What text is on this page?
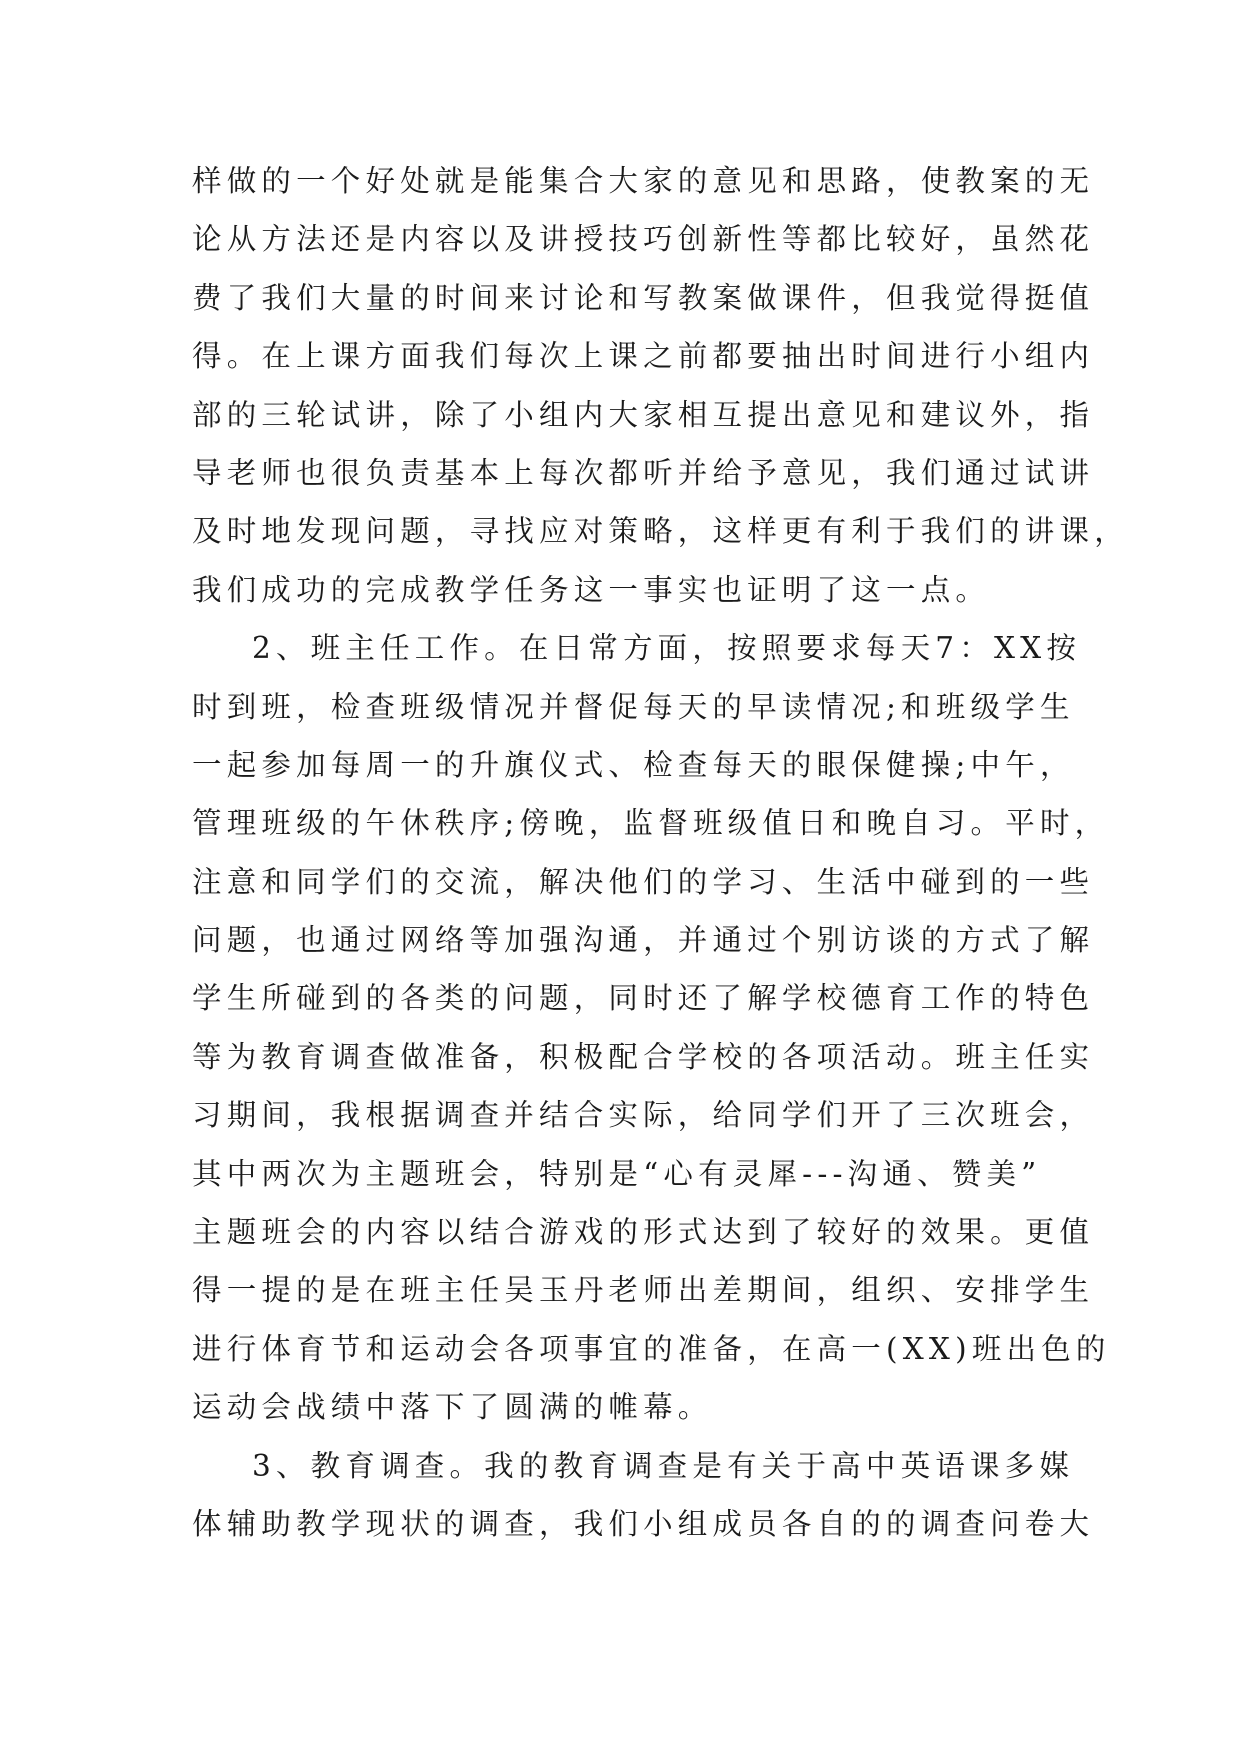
样做的一个好处就是能集合大家的意见和思路，使教案的无
论从方法还是内容以及讲授技巧创新性等都比较好，虽然花
费了我们大量的时间来讨论和写教案做课件，但我觉得挺值
得。在上课方面我们每次上课之前都要抽出时间进行小组内
部的三轮试讲，除了小组内大家相互提出意见和建议外，指
导老师也很负责基本上每次都听并给予意见，我们通过试讲
及时地发现问题，寻找应对策略，这样更有利于我们的讲课，
我们成功的完成教学任务这一事实也证明了这一点。
2、班主任工作。在日常方面，按照要求每天7：XX按
时到班，检查班级情况并督促每天的早读情况;和班级学生
一起参加每周一的升旗仪式、检查每天的眼保健操;中午，
管理班级的午休秩序;傍晚，监督班级值日和晚自习。平时，
注意和同学们的交流，解决他们的学习、生活中碰到的一些
问题，也通过网络等加强沟通，并通过个别访谈的方式了解
学生所碰到的各类的问题，同时还了解学校德育工作的特色
等为教育调查做准备，积极配合学校的各项活动。班主任实
习期间，我根据调查并结合实际，给同学们开了三次班会，
其中两次为主题班会，特别是“心有灵犀---沟通、赞美”
主题班会的内容以结合游戏的形式达到了较好的效果。更值
得一提的是在班主任吴玉丹老师出差期间，组织、安排学生
进行体育节和运动会各项事宜的准备，在高一(XX)班出色的
运动会战绩中落下了圆满的帷幕。
3、教育调查。我的教育调查是有关于高中英语课多媒
体辅助教学现状的调查，我们小组成员各自的的调查问卷大
